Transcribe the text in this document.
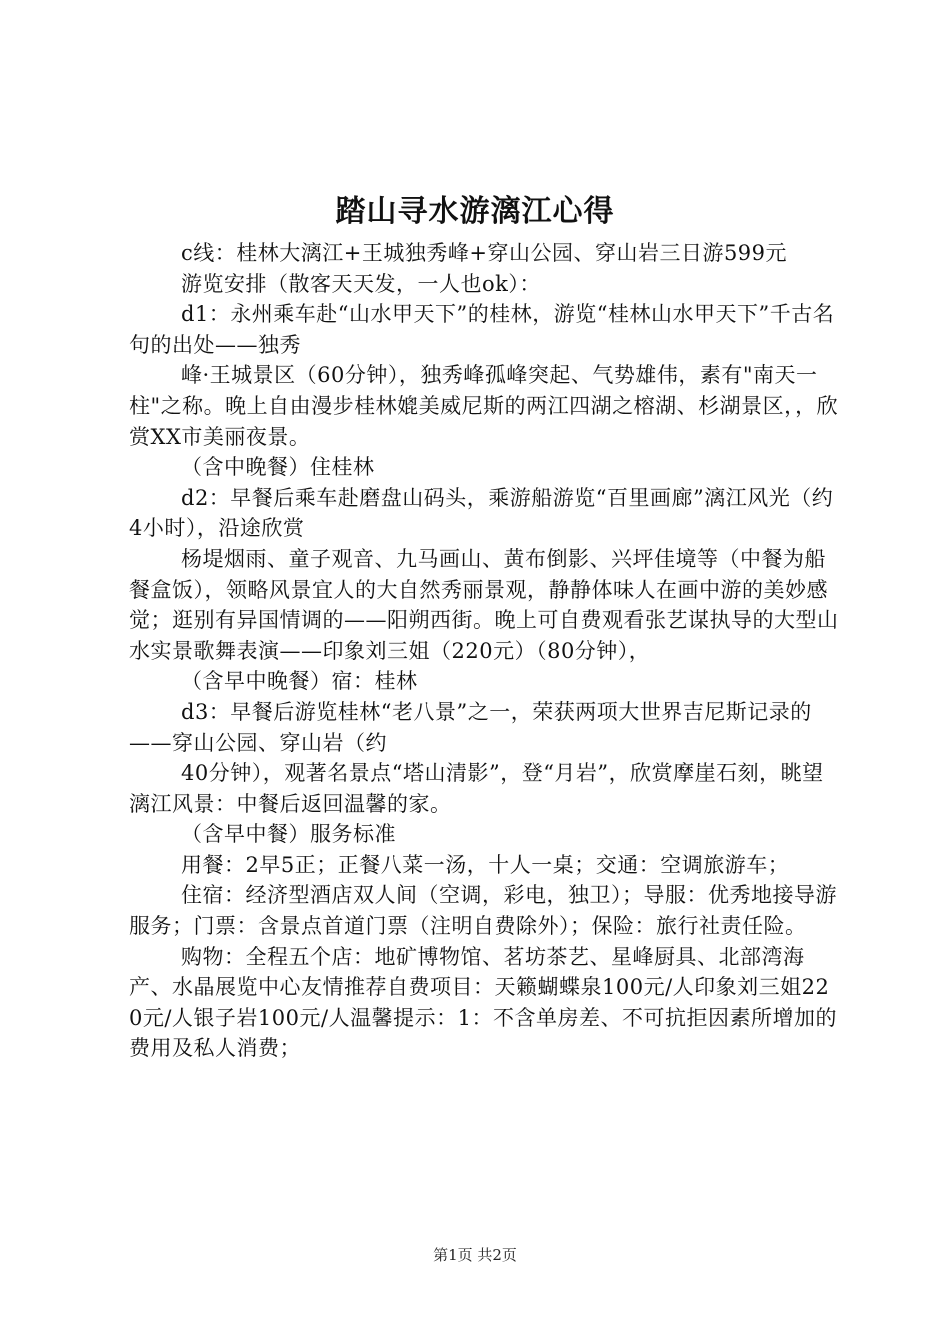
踏山寻水游漓江心得

c线：桂林大漓江+王城独秀峰+穿山公园、穿山岩三日游599元

游览安排（散客天天发，一人也ok）：

d1：永州乘车赴“山水甲天下”的桂林，游览“桂林山水甲天下”千古名句的出处——独秀

峰·王城景区（60分钟），独秀峰孤峰突起、气势雄伟，素有"南天一柱"之称。晚上自由漫步桂林媲美威尼斯的两江四湖之榕湖、杉湖景区，，欣赏XX市美丽夜景。

（含中晚餐）住桂林

d2：早餐后乘车赴磨盘山码头，乘游船游览“百里画廊”漓江风光（约4小时），沿途欣赏

杨堤烟雨、童子观音、九马画山、黄布倒影、兴坪佳境等（中餐为船餐盒饭），领略风景宜人的大自然秀丽景观，静静体味人在画中游的美妙感觉；逛别有异国情调的——阳朔西街。晚上可自费观看张艺谋执导的大型山水实景歌舞表演——印象刘三姐（220元）（80分钟），

（含早中晚餐）宿：桂林

d3：早餐后游览桂林“老八景”之一，荣获两项大世界吉尼斯记录的——穿山公园、穿山岩（约

40分钟），观著名景点“塔山清影”，登“月岩”，欣赏摩崖石刻，眺望漓江风景：中餐后返回温馨的家。

（含早中餐）服务标准

用餐：2早5正；正餐八菜一汤，十人一桌；交通：空调旅游车；

住宿：经济型酒店双人间（空调，彩电，独卫）；导服：优秀地接导游服务；门票：含景点首道门票（注明自费除外）；保险：旅行社责任险。

购物：全程五个店：地矿博物馆、茗坊茶艺、星峰厨具、北部湾海产、水晶展览中心友情推荐自费项目：天籁蝴蝶泉100元/人印象刘三姐220元/人银子岩100元/人温馨提示：1：不含单房差、不可抗拒因素所增加的费用及私人消费；

第1页 共2页
